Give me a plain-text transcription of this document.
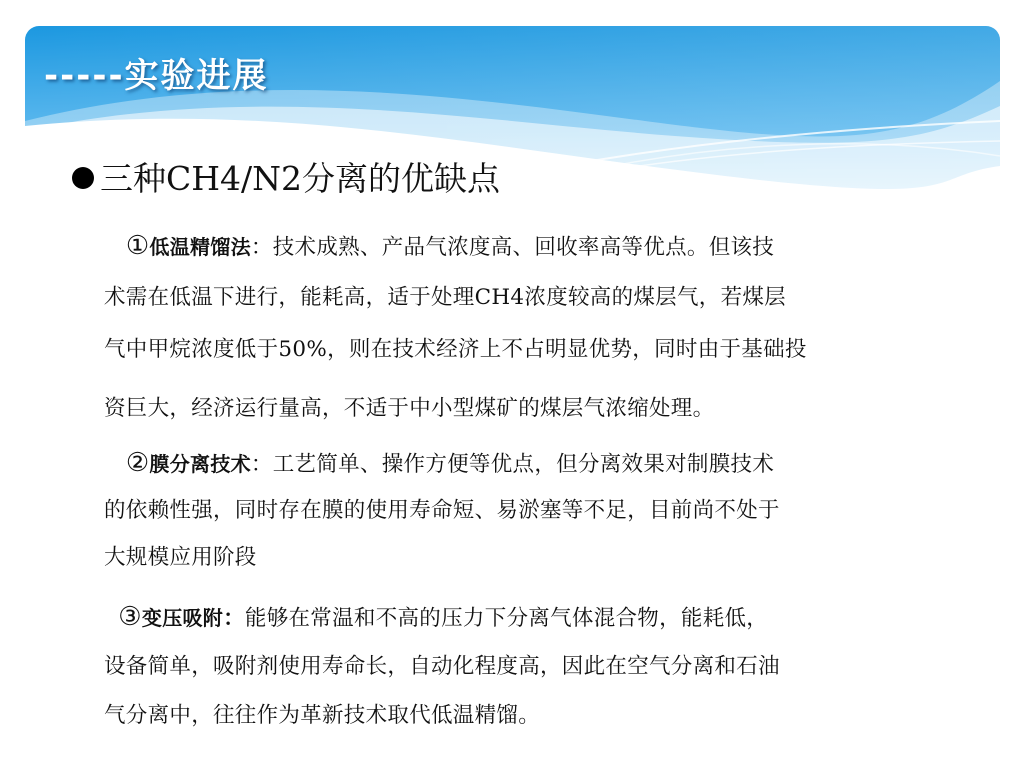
-----实验进展
三种CH4/N2分离的优缺点
　①低温精馏法：技术成熟、产品气浓度高、回收率高等优点。但该技
术需在低温下进行，能耗高，适于处理CH4浓度较高的煤层气，若煤层
气中甲烷浓度低于50%，则在技术经济上不占明显优势，同时由于基础投
资巨大，经济运行量高，不适于中小型煤矿的煤层气浓缩处理。
　②膜分离技术：工艺简单、操作方便等优点，但分离效果对制膜技术
的依赖性强，同时存在膜的使用寿命短、易淤塞等不足，目前尚不处于
大规模应用阶段
③变压吸附：能够在常温和不高的压力下分离气体混合物，能耗低，
设备简单，吸附剂使用寿命长，自动化程度高，因此在空气分离和石油
气分离中，往往作为革新技术取代低温精馏。
